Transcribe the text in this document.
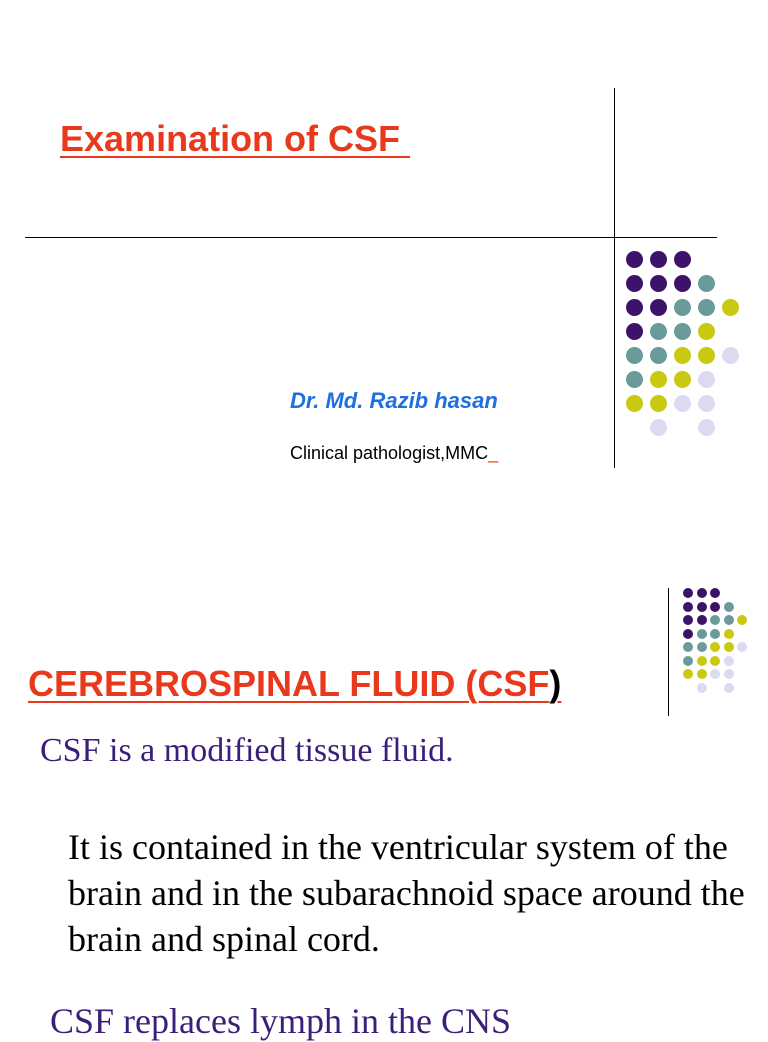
Examination of CSF
Dr. Md. Razib hasan
Clinical pathologist,MMC_
CEREBROSPINAL FLUID (CSF)
CSF is a modified tissue fluid.
It is contained in the ventricular system of the brain and in the subarachnoid space around the brain and spinal cord.
CSF replaces lymph in the CNS
